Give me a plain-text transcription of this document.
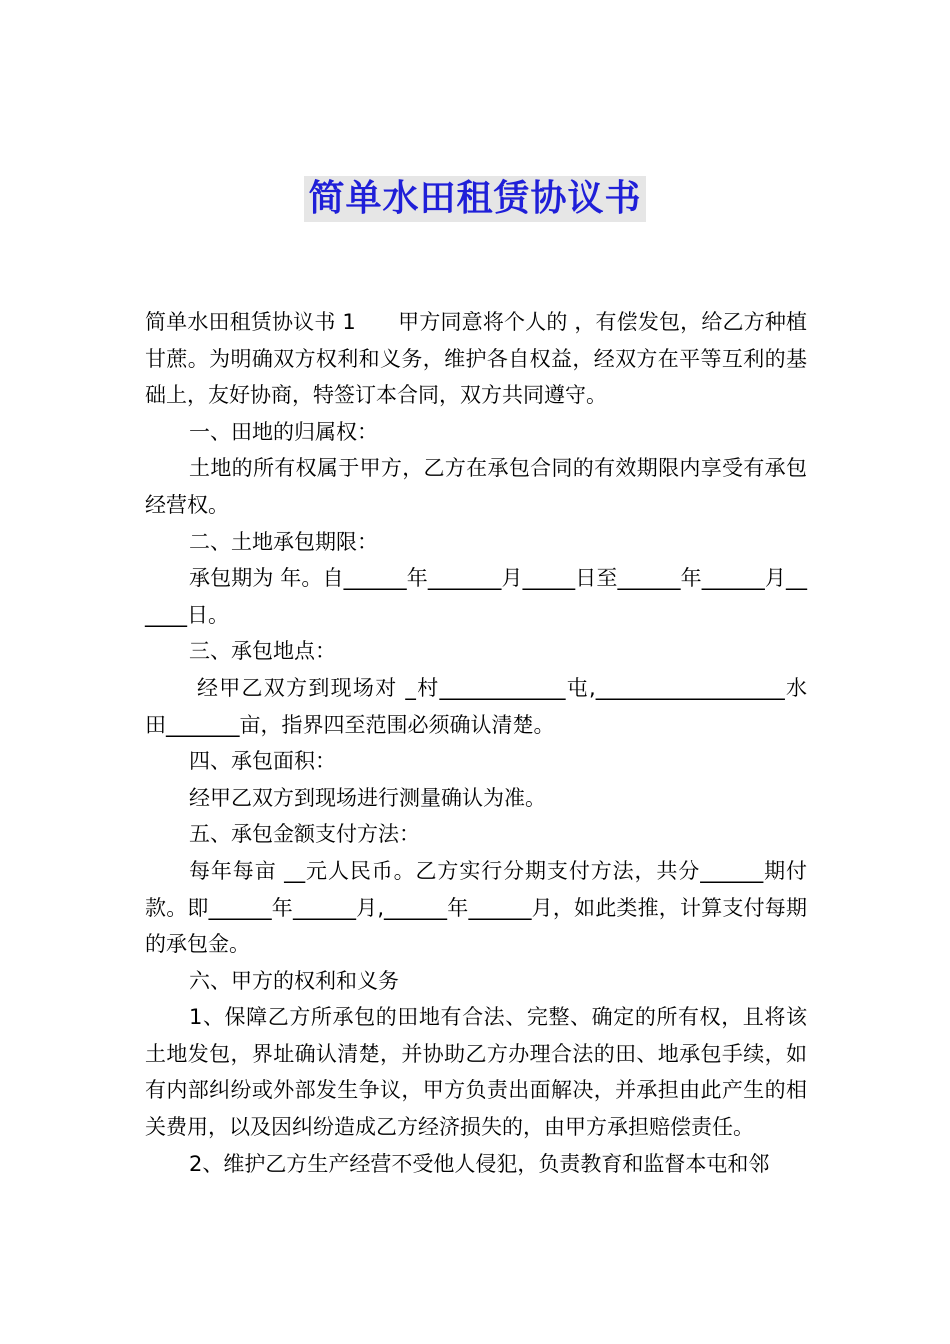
简单水田租赁协议书

简单水田租赁协议书 1　　甲方同意将个人的 ，有偿发包，给乙方种植甘蔗。为明确双方权利和义务，维护各自权益，经双方在平等互利的基础上，友好协商，特签订本合同，双方共同遵守。

一、田地的归属权：

土地的所有权属于甲方，乙方在承包合同的有效期限内享受有承包经营权。

二、土地承包期限：

承包期为 年。自______年_______月_____日至______年______月______日。

三、承包地点：

经甲乙双方到现场对 _村____________屯,__________________水田_______亩，指界四至范围必须确认清楚。

四、承包面积：

经甲乙双方到现场进行测量确认为准。

五、承包金额支付方法：

每年每亩 __元人民币。乙方实行分期支付方法，共分______期付款。即______年______月,______年______月，如此类推，计算支付每期的承包金。

六、甲方的权利和义务

1、保障乙方所承包的田地有合法、完整、确定的所有权，且将该土地发包，界址确认清楚，并协助乙方办理合法的田、地承包手续，如有内部纠纷或外部发生争议，甲方负责出面解决，并承担由此产生的相关费用，以及因纠纷造成乙方经济损失的，由甲方承担赔偿责任。

2、维护乙方生产经营不受他人侵犯，负责教育和监督本屯和邻
